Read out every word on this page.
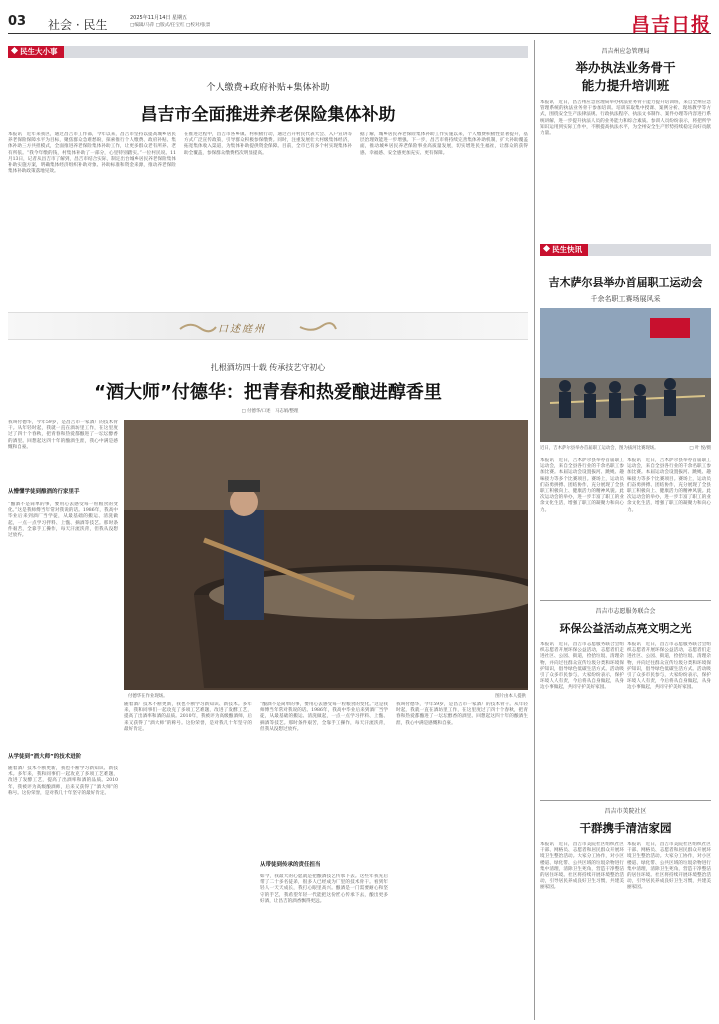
03 社会 · 民生	2025年11月14日 星期五
□编辑/马萍 □版式/任宝红 □校对/张景	昌吉日报
民生大小事
个人缴费+政府补贴+集体补助
昌吉市全面推进养老保险集体补助
本报讯　近年来我区，通过昌吉市工作部，今年以来，昌吉市坚持以提高城乡居民养老保险保障水平为目标，聚焦群众急难愁盼，探索推行个人缴费、政府补贴、集体补助三方共担模式，全面推进养老保险集体补助工作，让更多群众老有所养、老有所依。“我今年缴的钱，村集体补助了一部分，心里特别踏实。”一位村民说。11月13日，记者从昌吉市了解到，昌吉市结合实际，制定出台城乡居民养老保险集体补助实施方案，明确集体经济组织补助对象、补助标准和资金来源，推动养老保险集体补助政策落地见效。
在推进过程中，昌吉市各乡镇、村积极行动，通过召开村民代表大会、入户宣讲等方式广泛宣传政策，引导群众积极参保缴费。同时，注重发展壮大村级集体经济，拓宽集体收入渠道，为集体补助提供资金保障。目前，全市已有多个村实现集体补助全覆盖，参保群众缴费档次明显提高。
据了解，城乡居民养老保险集体补助工作实施以来，个人缴费积极性显著提升，基层治理效能进一步增强。下一步，昌吉市将持续完善集体补助机制，扩大补助覆盖面，推动城乡居民养老保险事业高质量发展，切实增进民生福祉，让群众的获得感、幸福感、安全感更加充实、更有保障。
口述庭州
扎根酒坊四十载 传承技艺守初心
“酒大师”付德华：把青春和热爱酿进醇香里
□ 付德华/口述　马志娟/整理
我叫付德华，今年59岁，是昌吉市一家酒厂的技术骨干。从年轻时起，我就一直在酒坊里工作，在这里度过了四十个春秋，把青春和热爱都酿进了一坛坛醇香的酒里。回想起这四十年的酿酒生涯，我心中满是感慨和自豪。
从懵懂学徒到酿酒的行家里手
“酿酒不是简单的事，要用心去感受每一粒粮食的变化。”这是我师傅当年常对我说的话。1986年，我高中毕业后来到酒厂当学徒，从最基础的搬运、清洗做起，一点一点学习拌料、上甑、摘酒等技艺。那时条件艰苦，全靠手工操作，每天汗流浃背，但我从没想过放弃。
从学徒到“酒大师”的技术进阶
随着酒厂技术不断更新，我也不断学习新知识、新技术。多年来，我和同事们一起攻克了多项工艺难题，改进了发酵工艺，提高了出酒率和酒的品质。2010年，我被评为高级酿酒师，后来又获得了“酒大师”的称号。这份荣誉，是对我几十年坚守的最好肯定。
付德华在作业现场。	图片由本人提供
随着酒厂技术不断更新，我也不断学习新知识、新技术。多年来，我和同事们一起攻克了多项工艺难题，改进了发酵工艺，提高了出酒率和酒的品质。2010年，我被评为高级酿酒师，后来又获得了“酒大师”的称号。这份荣誉，是对我几十年坚守的最好肯定。
“酿酒不是简单的事，要用心去感受每一粒粮食的变化。”这是我师傅当年常对我说的话。1986年，我高中毕业后来到酒厂当学徒，从最基础的搬运、清洗做起，一点一点学习拌料、上甑、摘酒等技艺。那时条件艰苦，全靠手工操作，每天汗流浃背，但我从没想过放弃。
从带徒到传承的责任担当
如今，我最大的心愿就是把酿酒技艺传承下去。这些年我先后带了二十多名徒弟，很多人已经成为厂里的技术骨干。看到年轻人一天天成长，我打心眼里高兴。酿酒是一门需要耐心和坚守的手艺，我希望年轻一代能把这份匠心传承下去，酿出更多好酒，让昌吉的酒香飘得更远。
我叫付德华，今年59岁，是昌吉市一家酒厂的技术骨干。从年轻时起，我就一直在酒坊里工作，在这里度过了四十个春秋，把青春和热爱都酿进了一坛坛醇香的酒里。回想起这四十年的酿酒生涯，我心中满是感慨和自豪。
昌吉州应急管理局
举办执法业务骨干
能力提升培训班
本报讯　近日，昌吉州应急管理局举办执法业务骨干能力提升培训班，来自全州应急管理系统的执法业务骨干参加培训。培训采取集中授课、案例分析、现场教学等方式，围绕安全生产法律法规、行政执法程序、执法文书制作、案件办理等内容进行系统讲解，进一步提升执法人员的业务能力和综合素质。参训人员纷纷表示，将把所学知识运用到实际工作中，不断提高执法水平，为全州安全生产形势持续稳定向好贡献力量。
民生快讯
吉木萨尔县举办首届职工运动会
千余名职工赛场展风采
近日，吉木萨尔县举办首届职工运动会，图为拔河比赛现场。	□ 叶 悦/摄
本报讯　近日，吉木萨尔县举办首届职工运动会，来自全县各行业的千余名职工参加比赛。本届运动会设置拔河、跳绳、趣味接力等多个比赛项目。赛场上，运动员们奋勇拼搏、团结协作，充分展现了全县职工积极向上、健康活力的精神风貌。此次运动会的举办，进一步丰富了职工的业余文化生活，增强了职工的凝聚力和向心力。
本报讯　近日，吉木萨尔县举办首届职工运动会，来自全县各行业的千余名职工参加比赛。本届运动会设置拔河、跳绳、趣味接力等多个比赛项目。赛场上，运动员们奋勇拼搏、团结协作，充分展现了全县职工积极向上、健康活力的精神风貌。此次运动会的举办，进一步丰富了职工的业余文化生活，增强了职工的凝聚力和向心力。
昌吉市志愿服务联合会
环保公益活动点亮文明之光
本报讯　近日，昌吉市志愿服务联合会组织志愿者开展环保公益活动，志愿者们走进社区、公园、街道，捡拾垃圾、清理杂物，并向过往群众宣传垃圾分类和环境保护知识，倡导绿色低碳生活方式。活动吸引了众多市民参与，大家纷纷表示，保护环境人人有责，今后将从自身做起，从身边小事做起，共同守护美好家园。
本报讯　近日，昌吉市志愿服务联合会组织志愿者开展环保公益活动，志愿者们走进社区、公园、街道，捡拾垃圾、清理杂物，并向过往群众宣传垃圾分类和环境保护知识，倡导绿色低碳生活方式。活动吸引了众多市民参与，大家纷纷表示，保护环境人人有责，今后将从自身做起，从身边小事做起，共同守护美好家园。
昌吉市美院社区
干群携手清洁家园
本报讯　近日，昌吉市美院社区组织社区干部、网格员、志愿者和居民群众开展环境卫生整治活动。大家分工协作，对小区楼道、绿化带、公共区域的垃圾杂物进行集中清理，清除卫生死角，营造干净整洁的居住环境。社区将持续开展环境整治活动，引导居民养成良好卫生习惯，共建美丽家园。
本报讯　近日，昌吉市美院社区组织社区干部、网格员、志愿者和居民群众开展环境卫生整治活动。大家分工协作，对小区楼道、绿化带、公共区域的垃圾杂物进行集中清理，清除卫生死角，营造干净整洁的居住环境。社区将持续开展环境整治活动，引导居民养成良好卫生习惯，共建美丽家园。
